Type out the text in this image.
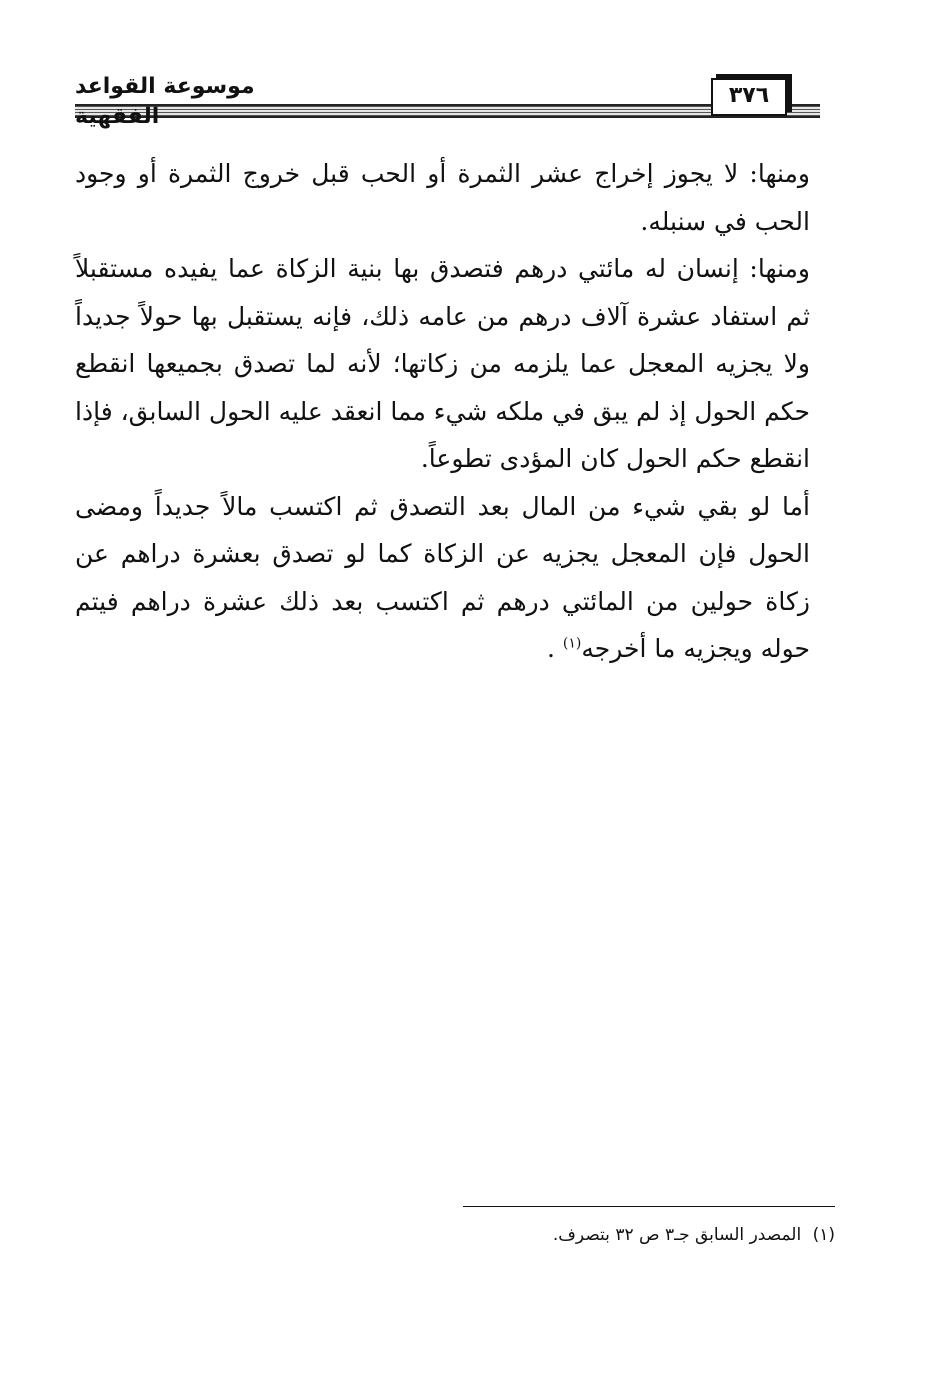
موسوعة القواعد الفقهية
٣٧٦

ومنها: لا يجوز إخراج عشر الثمرة أو الحب قبل خروج الثمرة أو وجود الحب في سنبله.

ومنها: إنسان له مائتي درهم فتصدق بها بنية الزكاة عما يفيده مستقبلاً ثم استفاد عشرة آلاف درهم من عامه ذلك، فإنه يستقبل بها حولاً جديداً ولا يجزيه المعجل عما يلزمه من زكاتها؛ لأنه لما تصدق بجميعها انقطع حكم الحول إذ لم يبق في ملكه شيء مما انعقد عليه الحول السابق، فإذا انقطع حكم الحول كان المؤدى تطوعاً.

أما لو بقي شيء من المال بعد التصدق ثم اكتسب مالاً جديداً ومضى الحول فإن المعجل يجزيه عن الزكاة كما لو تصدق بعشرة دراهم عن زكاة حولين من المائتي درهم ثم اكتسب بعد ذلك عشرة دراهم فيتم حوله ويجزيه ما أخرجه$^{(١)}$ .

(١) المصدر السابق جـ٣ ص ٣٢ بتصرف.
